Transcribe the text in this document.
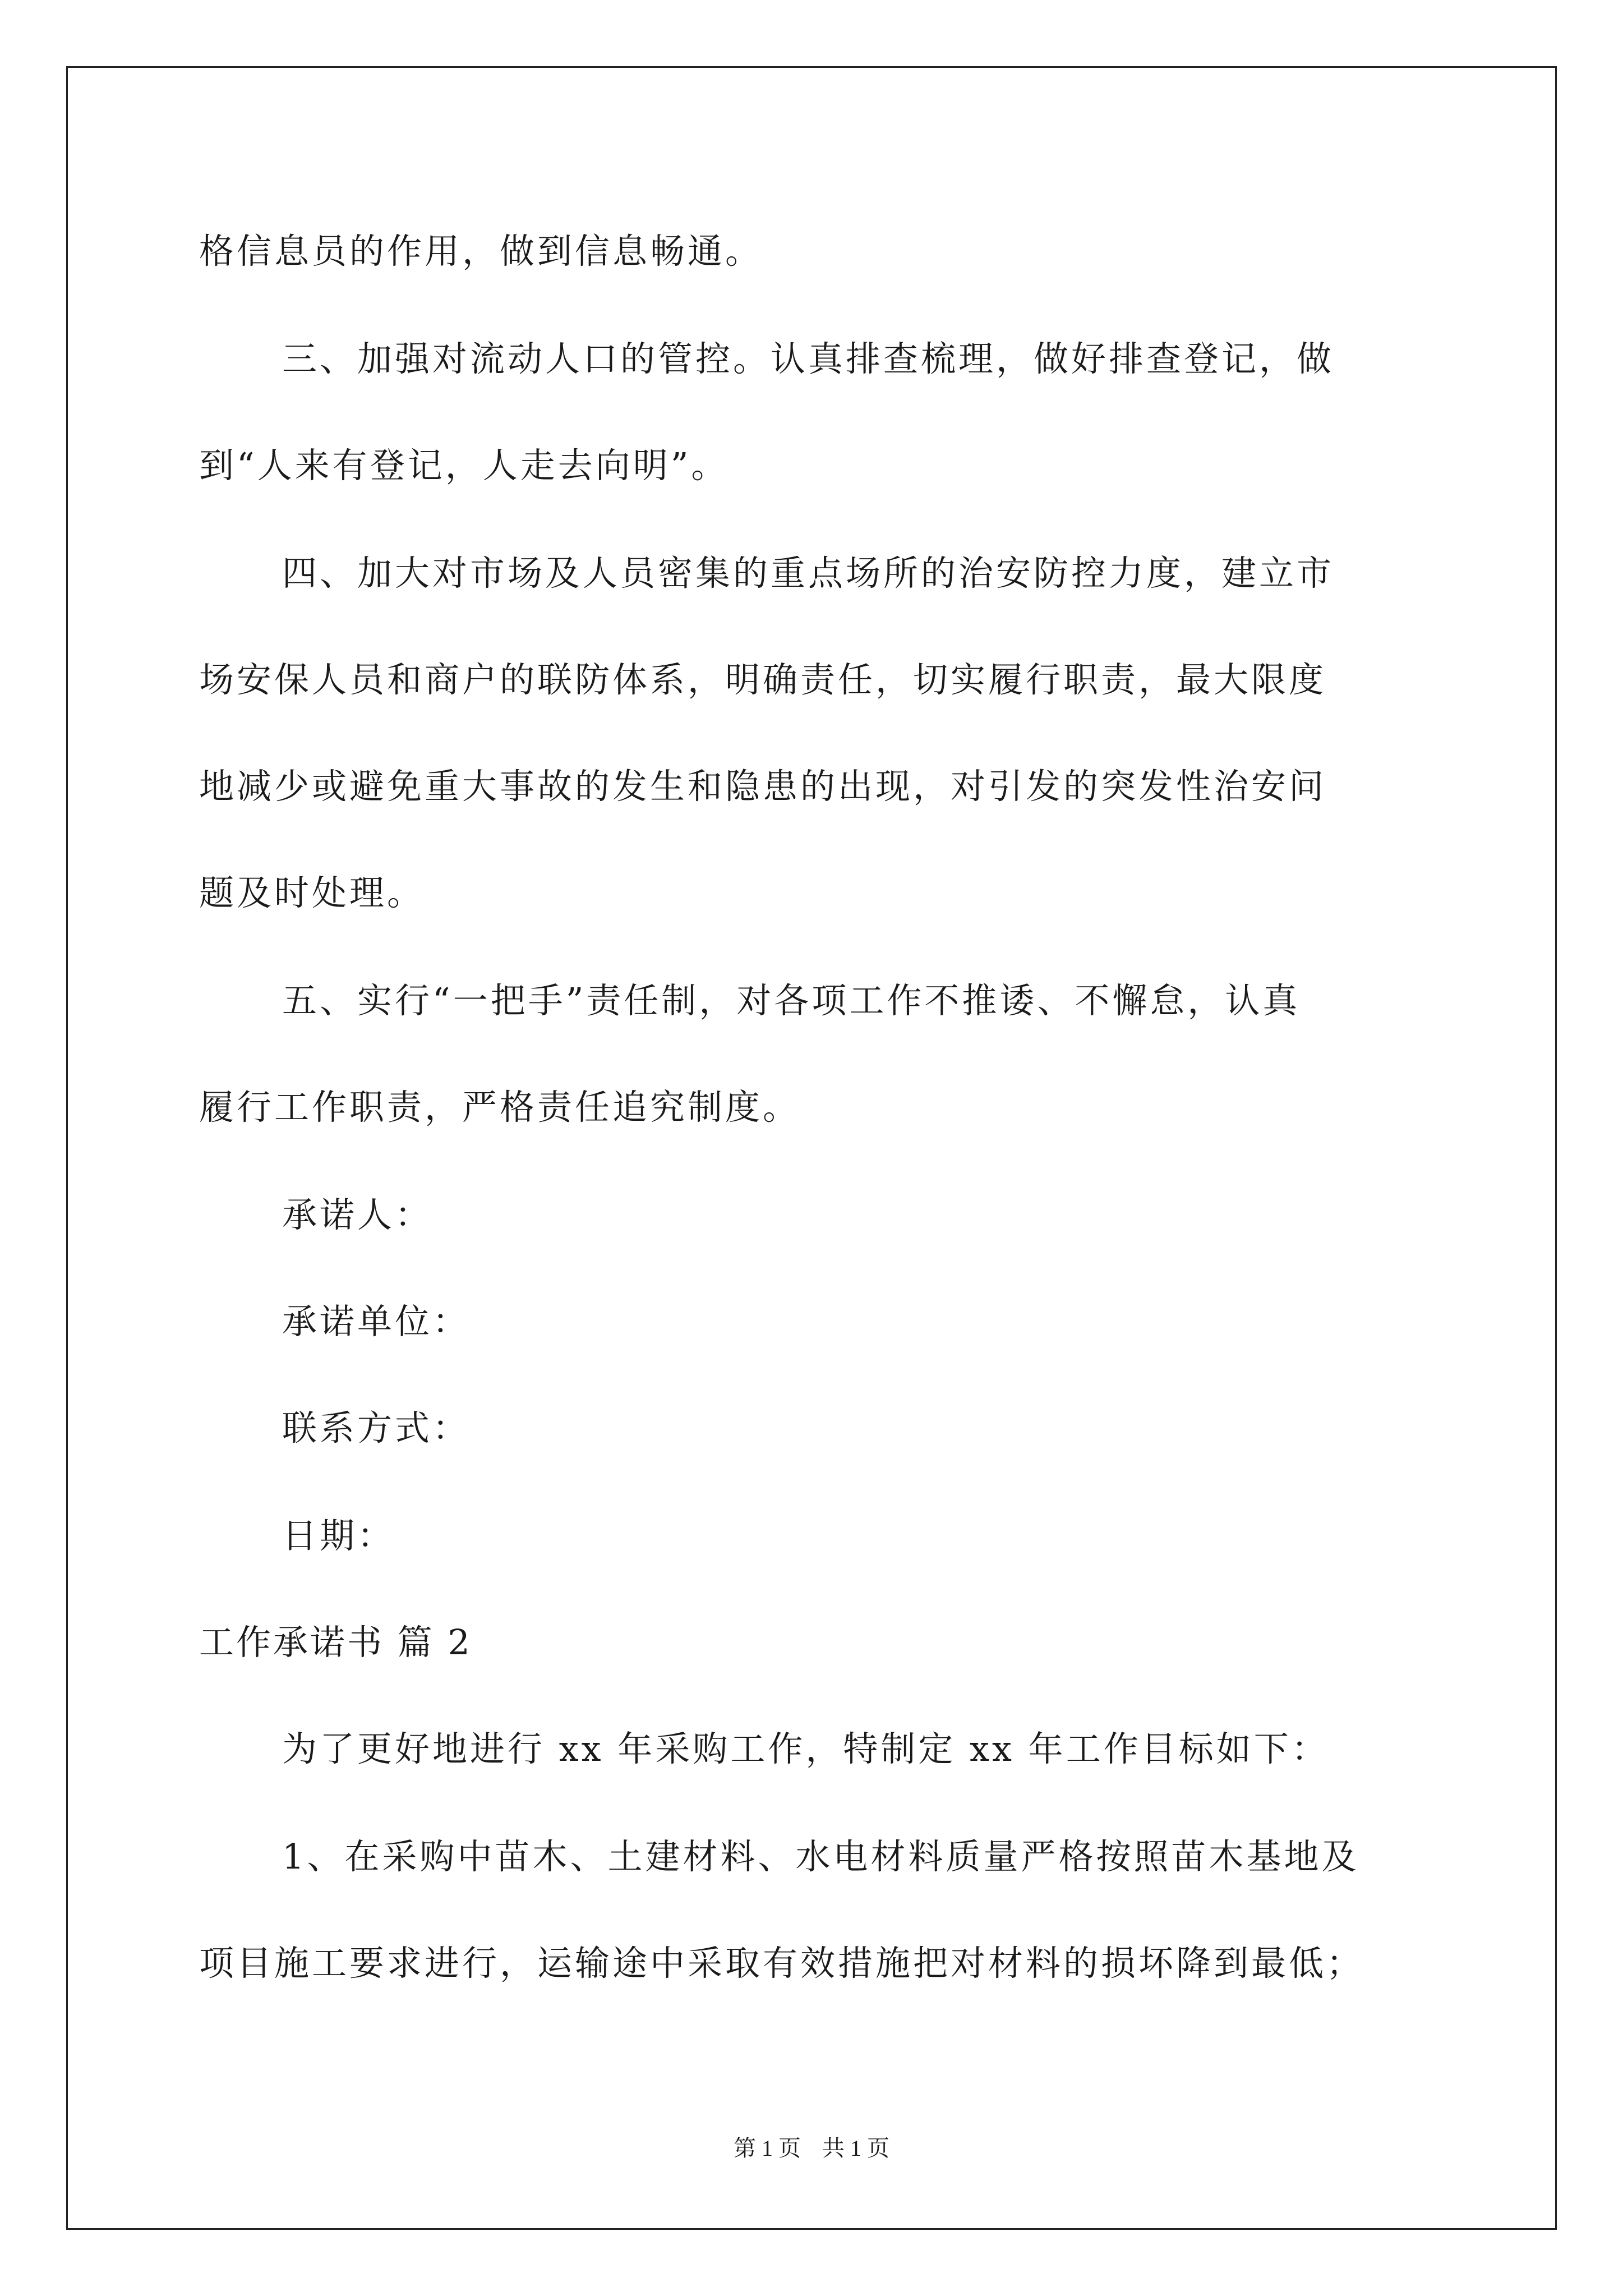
格信息员的作用，做到信息畅通。
三、加强对流动人口的管控。认真排查梳理，做好排查登记，做
到“人来有登记，人走去向明”。
四、加大对市场及人员密集的重点场所的治安防控力度，建立市
场安保人员和商户的联防体系，明确责任，切实履行职责，最大限度
地减少或避免重大事故的发生和隐患的出现，对引发的突发性治安问
题及时处理。
五、实行“一把手”责任制，对各项工作不推诿、不懈怠，认真
履行工作职责，严格责任追究制度。
承诺人：
承诺单位：
联系方式：
日期：
工作承诺书 篇 2
为了更好地进行 xx 年采购工作，特制定 xx 年工作目标如下：
1、在采购中苗木、土建材料、水电材料质量严格按照苗木基地及
项目施工要求进行，运输途中采取有效措施把对材料的损坏降到最低；
第 1 页 共 1 页
